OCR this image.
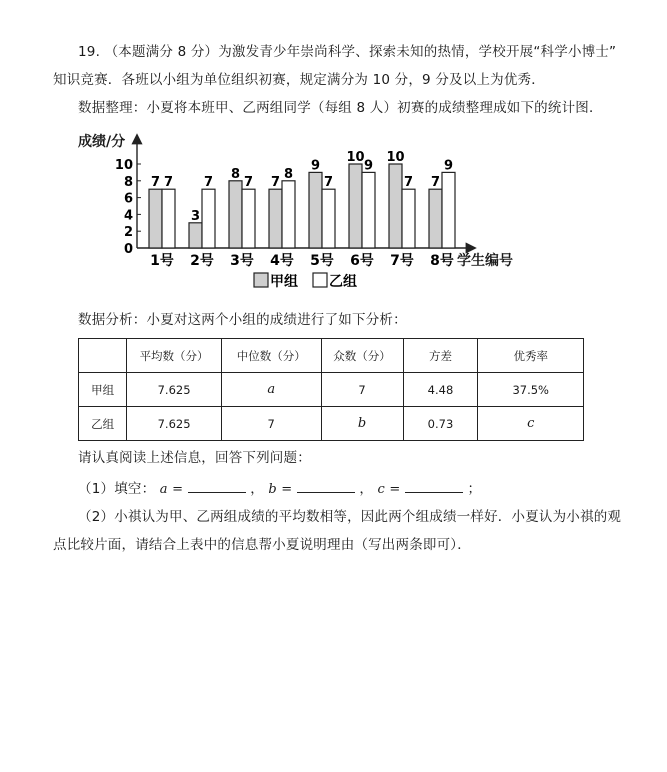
19. （本题满分 8 分）为激发青少年崇尚科学、探索未知的热情，学校开展“科学小博士”
知识竞赛．各班以小组为单位组织初赛，规定满分为 10 分，9 分及以上为优秀．
数据整理：小夏将本班甲、乙两组同学（每组 8 人）初赛的成绩整理成如下的统计图．
成绩/分
0
2
4
6
8
10
7 7
3
7
8
7 7
8
9
7
10
9
10
7 7
9
1号 2号 3号 4号 5号 6号 7号 8号 学生编号
甲组 乙组
数据分析：小夏对这两个小组的成绩进行了如下分析：
	平均数（分）	中位数（分）	众数（分）	方差	优秀率
甲组	7.625	a	7	4.48	37.5%
乙组	7.625	7	b	0.73	c
请认真阅读上述信息，回答下列问题：
（1）填空： a =	， b =	， c =	；
（2）小祺认为甲、乙两组成绩的平均数相等，因此两个组成绩一样好．小夏认为小祺的观
点比较片面，请结合上表中的信息帮小夏说明理由（写出两条即可）．
